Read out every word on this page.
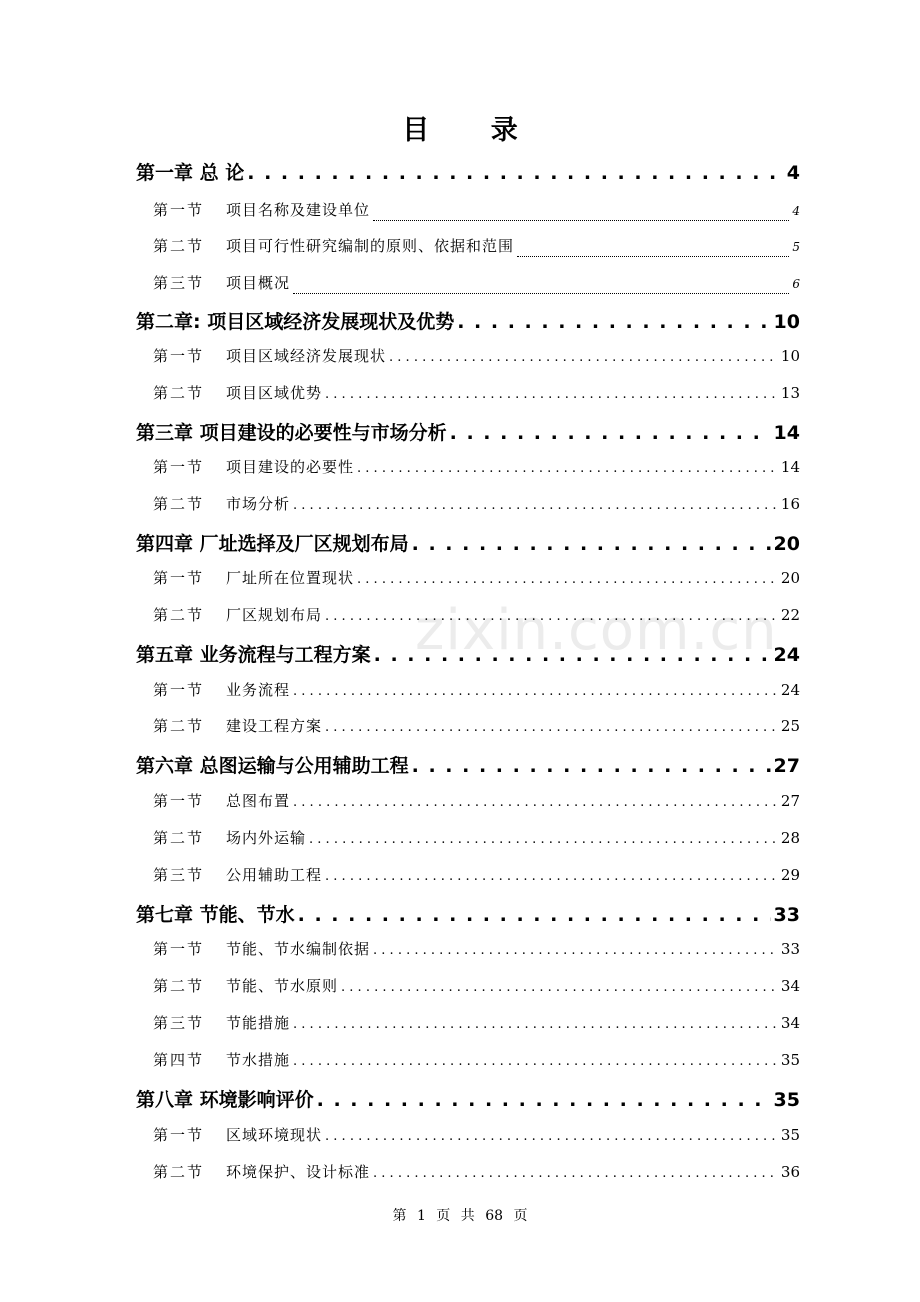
zixin.com.cn
目 录
第一章 总 论 . . .	4
第一节 项目名称及建设单位	4
第二节 项目可行性研究编制的原则、依据和范围	5
第三节 项目概况	6
第二章: 项目区域经济发展现状及优势 . . .	10
第一节 项目区域经济发展现状 . . .	10
第二节 项目区域优势 . . .	13
第三章 项目建设的必要性与市场分析 . . .	14
第一节 项目建设的必要性 . . .	14
第二节 市场分析 . . .	16
第四章 厂址选择及厂区规划布局 . . .	20
第一节 厂址所在位置现状 . . .	20
第二节 厂区规划布局 . . .	22
第五章 业务流程与工程方案 . . .	24
第一节 业务流程 . . .	24
第二节 建设工程方案 . . .	25
第六章 总图运输与公用辅助工程 . . .	27
第一节 总图布置 . . .	27
第二节 场内外运输 . . .	28
第三节 公用辅助工程 . . .	29
第七章 节能、节水 . . .	33
第一节 节能、节水编制依据 . . .	33
第二节 节能、节水原则 . . .	34
第三节 节能措施 . . .	34
第四节 节水措施 . . .	35
第八章 环境影响评价 . . .	35
第一节 区域环境现状 . . .	35
第二节 环境保护、设计标准 . . .	36
第 1 页 共 68 页
